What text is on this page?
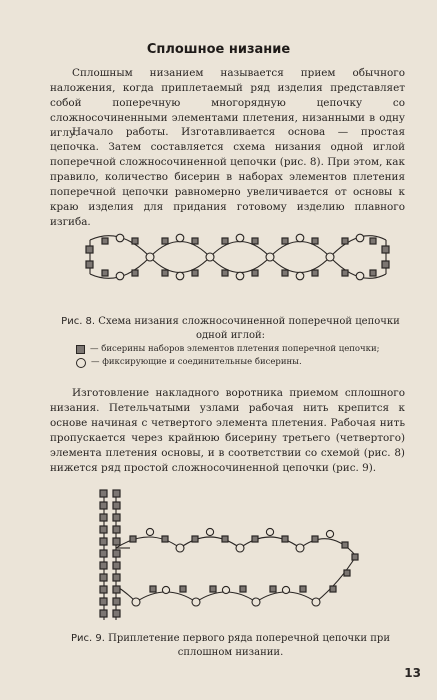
Сплошное низание

Сплошным низанием называется прием обычного наложения, когда приплетаемый ряд изделия представляет собой поперечную многорядную цепочку со сложносочиненными элементами плетения, низанными в одну иглу.

Начало работы. Изготавливается основа — простая цепочка. Затем составляется схема низания одной иглой поперечной сложносочиненной цепочки (рис. 8). При этом, как правило, количество бисерин в наборах элементов плетения поперечной цепочки равномерно увеличивается от основы к краю изделия для придания готовому изделию плавного изгиба.

Рис. 8. Схема низания сложносочиненной поперечной цепочки одной иглой:

— бисерины наборов элементов плетения поперечной цепочки;
— фиксирующие и соединительные бисерины.

Изготовление накладного воротника приемом сплошного низания. Петельчатыми узлами рабочая нить крепится к основе начиная с четвертого элемента плетения. Рабочая нить пропускается через крайнюю бисерину третьего (четвертого) элемента плетения основы, и в соответствии со схемой (рис. 8) нижется ряд простой сложносочиненной цепочки (рис. 9).

Рис. 9. Приплетение первого ряда поперечной цепочки при сплошном низании.

13
